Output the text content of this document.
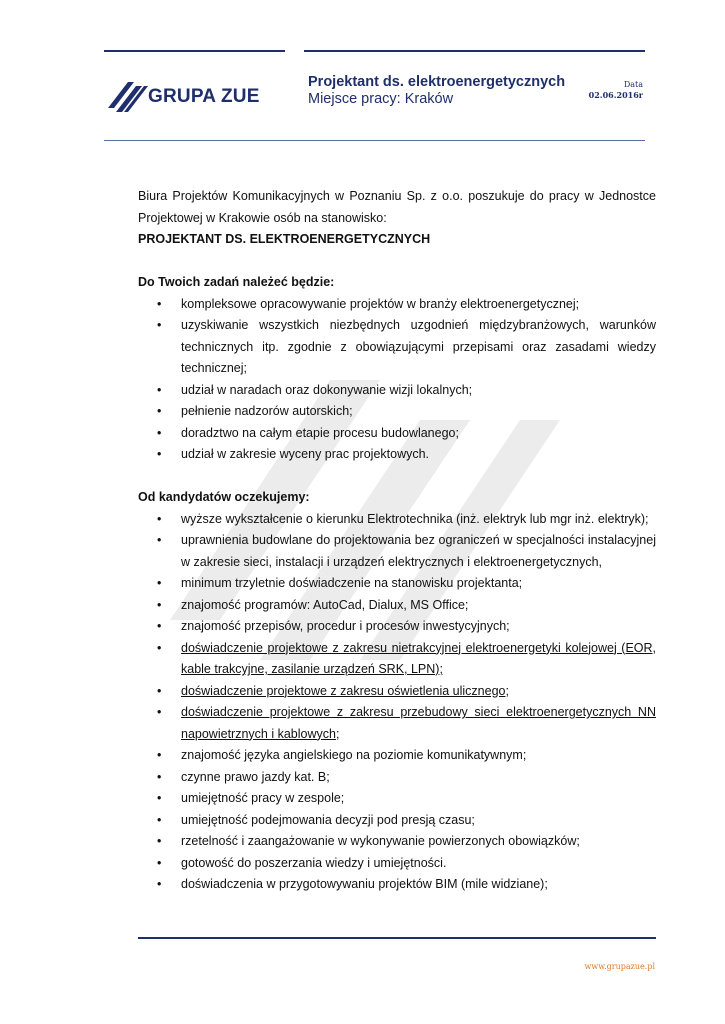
GRUPA ZUE
Projektant ds. elektroenergetycznych
Miejsce pracy: Kraków
Data
02.06.2016r

Biura Projektów Komunikacyjnych w Poznaniu Sp. z o.o. poszukuje do pracy w Jednostce Projektowej w Krakowie osób na stanowisko:

PROJEKTANT DS. ELEKTROENERGETYCZNYCH

Do Twoich zadań należeć będzie:

• kompleksowe opracowywanie projektów w branży elektroenergetycznej;
• uzyskiwanie wszystkich niezbędnych uzgodnień międzybranżowych, warunków technicznych itp. zgodnie z obowiązującymi przepisami oraz zasadami wiedzy technicznej;
• udział w naradach oraz dokonywanie wizji lokalnych;
• pełnienie nadzorów autorskich;
• doradztwo na całym etapie procesu budowlanego;
• udział w zakresie wyceny prac projektowych.

Od kandydatów oczekujemy:

• wyższe wykształcenie o kierunku Elektrotechnika (inż. elektryk lub mgr inż. elektryk);
• uprawnienia budowlane do projektowania bez ograniczeń w specjalności instalacyjnej w zakresie sieci, instalacji i urządzeń elektrycznych i elektroenergetycznych,
• minimum trzyletnie doświadczenie na stanowisku projektanta;
• znajomość programów: AutoCad, Dialux, MS Office;
• znajomość przepisów, procedur i procesów inwestycyjnych;
• doświadczenie projektowe z zakresu nietrakcyjnej elektroenergetyki kolejowej (EOR, kable trakcyjne, zasilanie urządzeń SRK, LPN);
• doświadczenie projektowe z zakresu oświetlenia ulicznego;
• doświadczenie projektowe z zakresu przebudowy sieci elektroenergetycznych NN napowietrznych i kablowych;
• znajomość języka angielskiego na poziomie komunikatywnym;
• czynne prawo jazdy kat. B;
• umiejętność pracy w zespole;
• umiejętność podejmowania decyzji pod presją czasu;
• rzetelność i zaangażowanie w wykonywanie powierzonych obowiązków;
• gotowość do poszerzania wiedzy i umiejętności.
• doświadczenia w przygotowywaniu projektów BIM (mile widziane);
www.grupazue.pl
